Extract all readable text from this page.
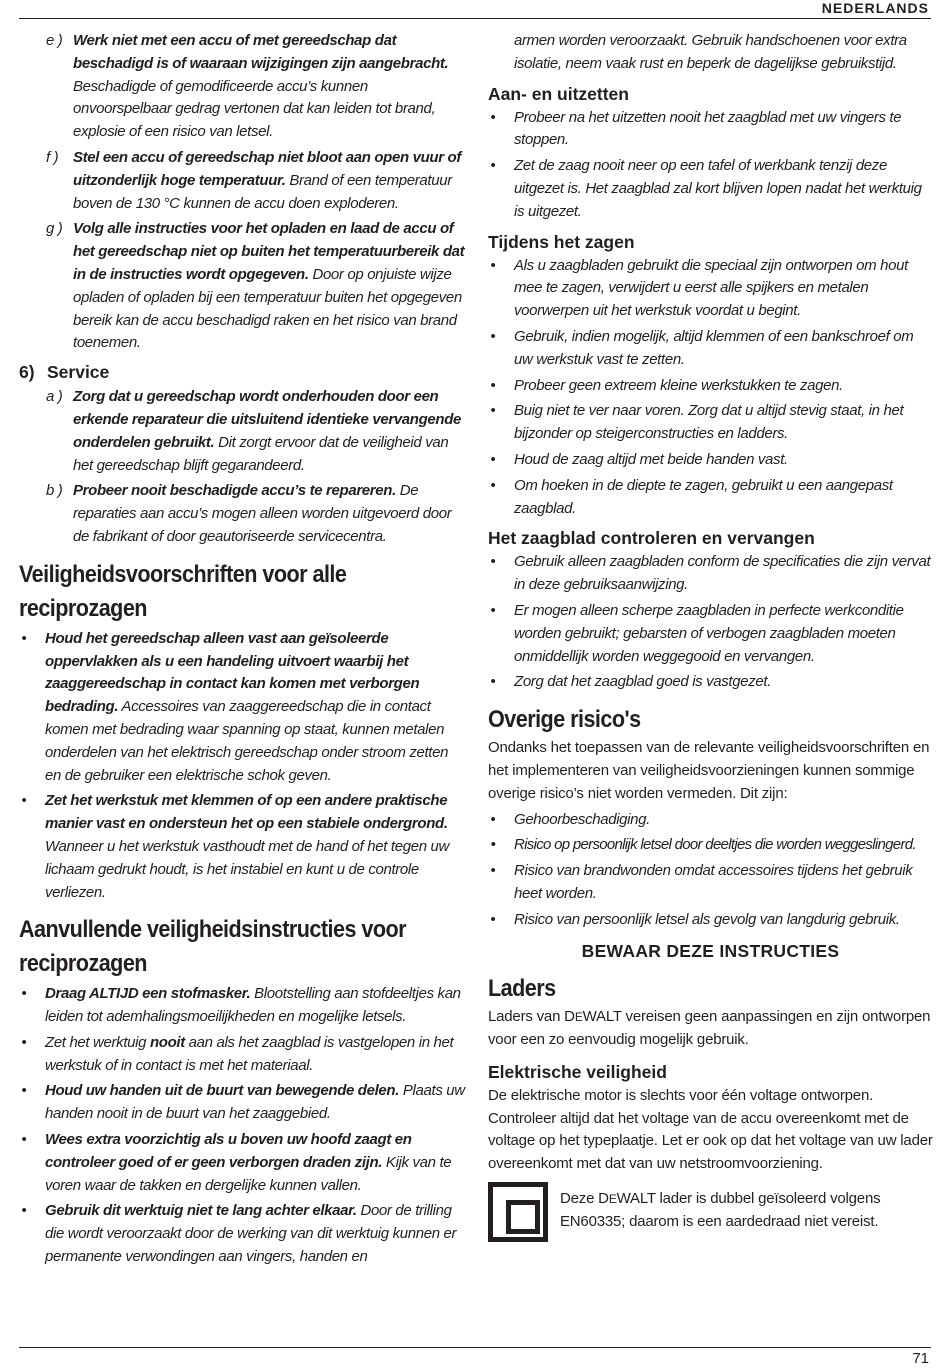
NEDERLANDS
e ) Werk niet met een accu of met gereedschap dat beschadigd is of waaraan wijzigingen zijn aangebracht. Beschadigde of gemodificeerde accu’s kunnen onvoorspelbaar gedrag vertonen dat kan leiden tot brand, explosie of een risico van letsel.
f ) Stel een accu of gereedschap niet bloot aan open vuur of uitzonderlijk hoge temperatuur. Brand of een temperatuur boven de 130 °C kunnen de accu doen exploderen.
g ) Volg alle instructies voor het opladen en laad de accu of het gereedschap niet op buiten het temperatuurbereik dat in de instructies wordt opgegeven. Door op onjuiste wijze opladen of opladen bij een temperatuur buiten het opgegeven bereik kan de accu beschadigd raken en het risico van brand toenemen.
6) Service
a ) Zorg dat u gereedschap wordt onderhouden door een erkende reparateur die uitsluitend identieke vervangende onderdelen gebruikt. Dit zorgt ervoor dat de veiligheid van het gereedschap blijft gegarandeerd.
b ) Probeer nooit beschadigde accu’s te repareren. De reparaties aan accu’s mogen alleen worden uitgevoerd door de fabrikant of door geautoriseerde servicecentra.
Veiligheidsvoorschriften voor alle reciprozagen
• Houd het gereedschap alleen vast aan geïsoleerde oppervlakken als u een handeling uitvoert waarbij het zaaggereedschap in contact kan komen met verborgen bedrading. Accessoires van zaaggereedschap die in contact komen met bedrading waar spanning op staat, kunnen metalen onderdelen van het elektrisch gereedschap onder stroom zetten en de gebruiker een elektrische schok geven.
• Zet het werkstuk met klemmen of op een andere praktische manier vast en ondersteun het op een stabiele ondergrond. Wanneer u het werkstuk vasthoudt met de hand of het tegen uw lichaam gedrukt houdt, is het instabiel en kunt u de controle verliezen.
Aanvullende veiligheidsinstructies voor reciprozagen
• Draag ALTIJD een stofmasker. Blootstelling aan stofdeeltjes kan leiden tot ademhalingsmoeilijkheden en mogelijke letsels.
• Zet het werktuig nooit aan als het zaagblad is vastgelopen in het werkstuk of in contact is met het materiaal.
• Houd uw handen uit de buurt van bewegende delen. Plaats uw handen nooit in de buurt van het zaaggebied.
• Wees extra voorzichtig als u boven uw hoofd zaagt en controleer goed of er geen verborgen draden zijn. Kijk van te voren waar de takken en dergelijke kunnen vallen.
• Gebruik dit werktuig niet te lang achter elkaar. Door de trilling die wordt veroorzaakt door de werking van dit werktuig kunnen er permanente verwondingen aan vingers, handen en
armen worden veroorzaakt. Gebruik handschoenen voor extra isolatie, neem vaak rust en beperk de dagelijkse gebruikstijd.
Aan- en uitzetten
• Probeer na het uitzetten nooit het zaagblad met uw vingers te stoppen.
• Zet de zaag nooit neer op een tafel of werkbank tenzij deze uitgezet is. Het zaagblad zal kort blijven lopen nadat het werktuig is uitgezet.
Tijdens het zagen
• Als u zaagbladen gebruikt die speciaal zijn ontworpen om hout mee te zagen, verwijdert u eerst alle spijkers en metalen voorwerpen uit het werkstuk voordat u begint.
• Gebruik, indien mogelijk, altijd klemmen of een bankschroef om uw werkstuk vast te zetten.
• Probeer geen extreem kleine werkstukken te zagen.
• Buig niet te ver naar voren. Zorg dat u altijd stevig staat, in het bijzonder op steigerconstructies en ladders.
• Houd de zaag altijd met beide handen vast.
• Om hoeken in de diepte te zagen, gebruikt u een aangepast zaagblad.
Het zaagblad controleren en vervangen
• Gebruik alleen zaagbladen conform de specificaties die zijn vervat in deze gebruiksaanwijzing.
• Er mogen alleen scherpe zaagbladen in perfecte werkconditie worden gebruikt; gebarsten of verbogen zaagbladen moeten onmiddellijk worden weggegooid en vervangen.
• Zorg dat het zaagblad goed is vastgezet.
Overige risico's
Ondanks het toepassen van de relevante veiligheidsvoorschriften en het implementeren van veiligheidsvoorzieningen kunnen sommige overige risico’s niet worden vermeden. Dit zijn:
• Gehoorbeschadiging.
• Risico op persoonlijk letsel door deeltjes die worden weggeslingerd.
• Risico van brandwonden omdat accessoires tijdens het gebruik heet worden.
• Risico van persoonlijk letsel als gevolg van langdurig gebruik.
BEWAAR DEZE INSTRUCTIES
Laders
Laders van DEWALT vereisen geen aanpassingen en zijn ontworpen voor een zo eenvoudig mogelijk gebruik.
Elektrische veiligheid
De elektrische motor is slechts voor één voltage ontworpen. Controleer altijd dat het voltage van de accu overeenkomt met de voltage op het typeplaatje. Let er ook op dat het voltage van uw lader overeenkomt met dat van uw netstroomvoorziening.
Deze DEWALT lader is dubbel geïsoleerd volgens EN60335; daarom is een aardedraad niet vereist.
71
